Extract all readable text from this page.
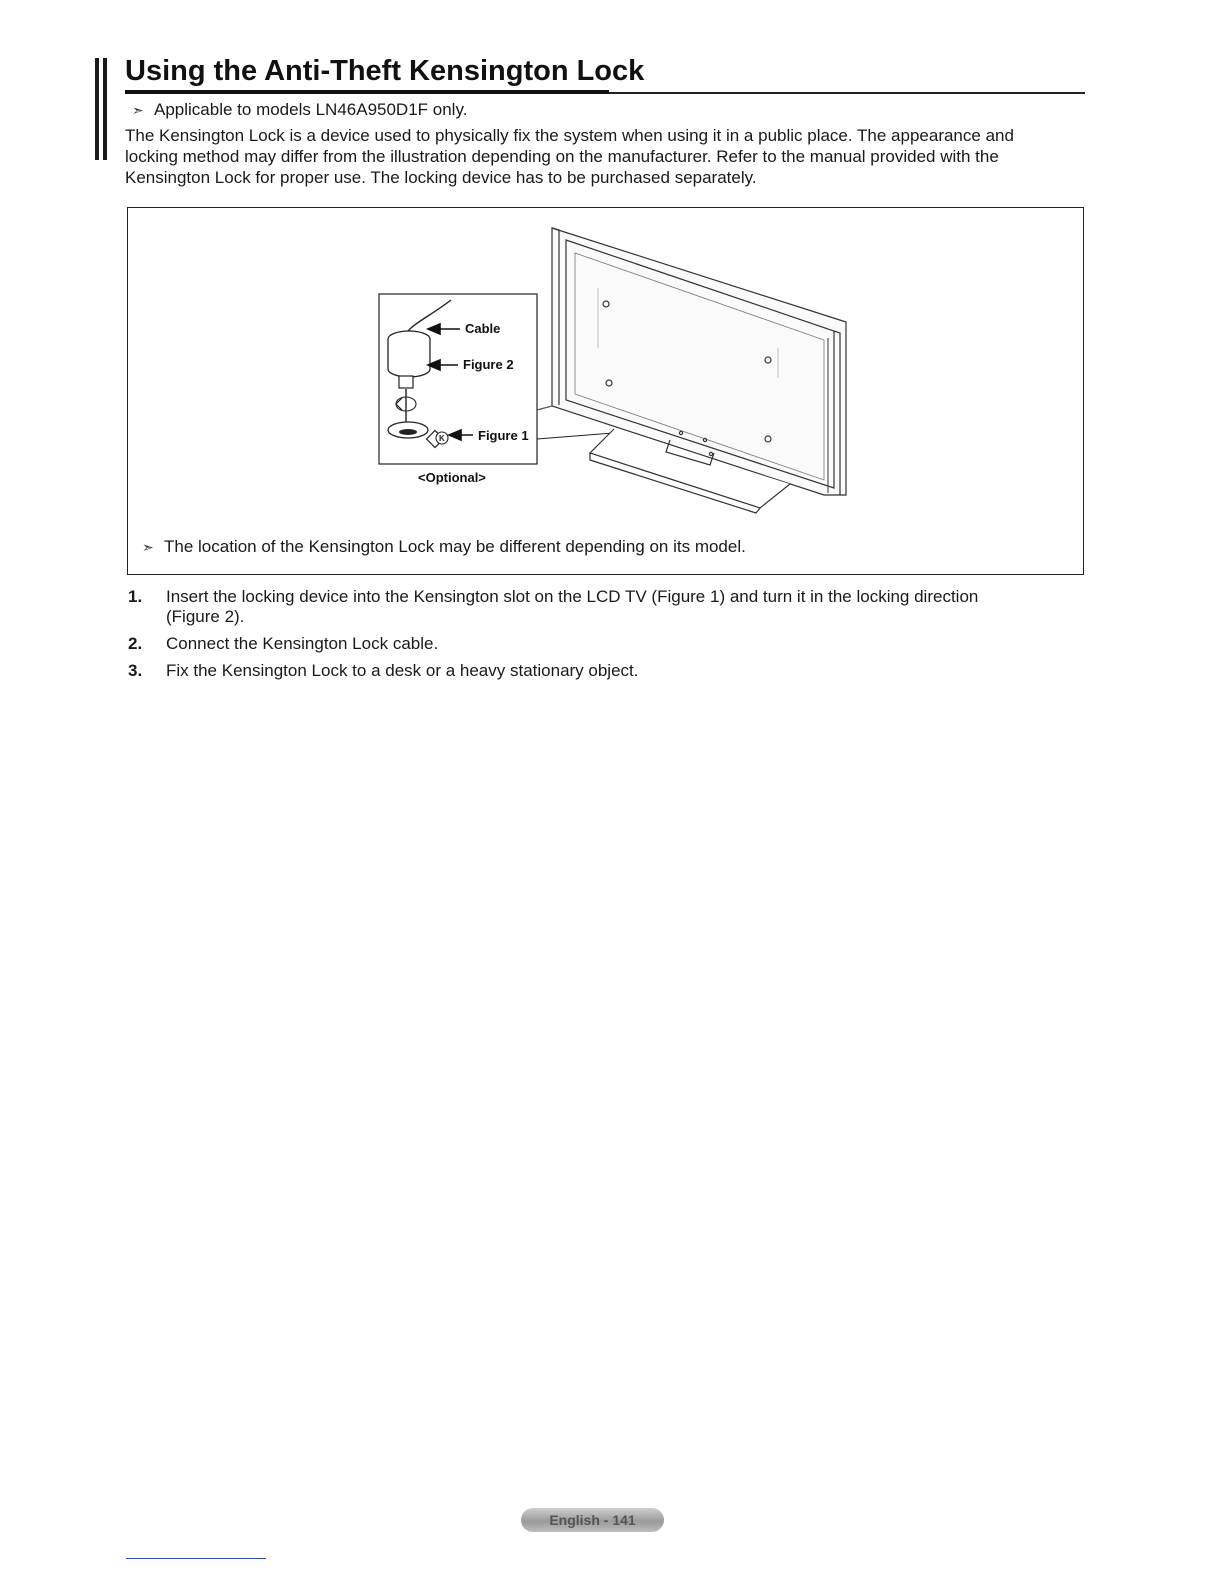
Using the Anti-Theft Kensington Lock
➣ Applicable to models LN46A950D1F only.

The Kensington Lock is a device used to physically fix the system when using it in a public place. The appearance and locking method may differ from the illustration depending on the manufacturer. Refer to the manual provided with the Kensington Lock for proper use. The locking device has to be purchased separately.

K
Cable
Figure 2
Figure 1
<Optional>
➣ The location of the Kensington Lock may be different depending on its model.
1. Insert the locking device into the Kensington slot on the LCD TV (Figure 1) and turn it in the locking direction (Figure 2).
2. Connect the Kensington Lock cable.
3. Fix the Kensington Lock to a desk or a heavy stationary object.
English - 141
